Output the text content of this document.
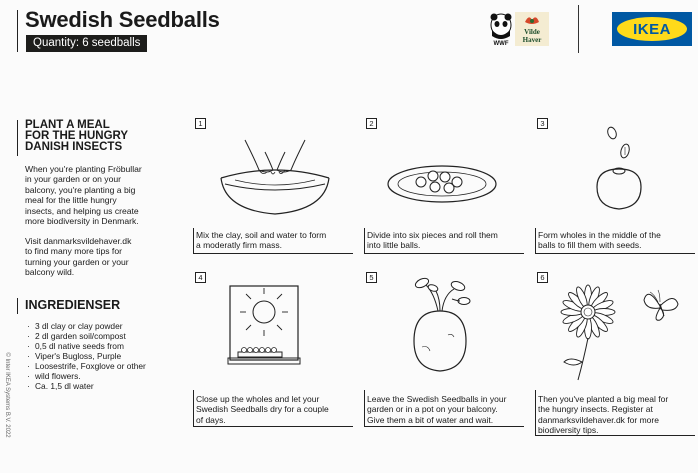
Swedish Seedballs
Quantity: 6 seedballs	WWF
Vilde
Haver
IKEA
PLANT A MEAL
FOR THE HUNGRY
DANISH INSECTS
When you're planting Fröbullar
in your garden or on your
balcony, you're planting a big
meal for the little hungry
insects, and helping us create
more biodiversity in Denmark.
Visit danmarksvildehaver.dk
to find many more tips for
turning your garden or your
balcony wild.
INGREDIENSER
· 3 dl clay or clay powder
· 2 dl garden soil/compost
· 0,5 dl native seeds from
· Viper's Bugloss, Purple
· Loosestrife, Foxglove or other
· wild flowers.
· Ca. 1,5 dl water
© Inter IKEA Systems B.V. 2022
1
Mix the clay, soil and water to form
a moderatly firm mass.
2
Divide into six pieces and roll them
into little balls.
3
Form wholes in the middle of the
balls to fill them with seeds.
4
Close up the wholes and let your
Swedish Seedballs dry for a couple
of days.
5
Leave the Swedish Seedballs in your
garden or in a pot on your balcony.
Give them a bit of water and wait.
6
Then you've planted a big meal for
the hungry insects. Register at
danmarksvildehaver.dk for more
biodiversity tips.
